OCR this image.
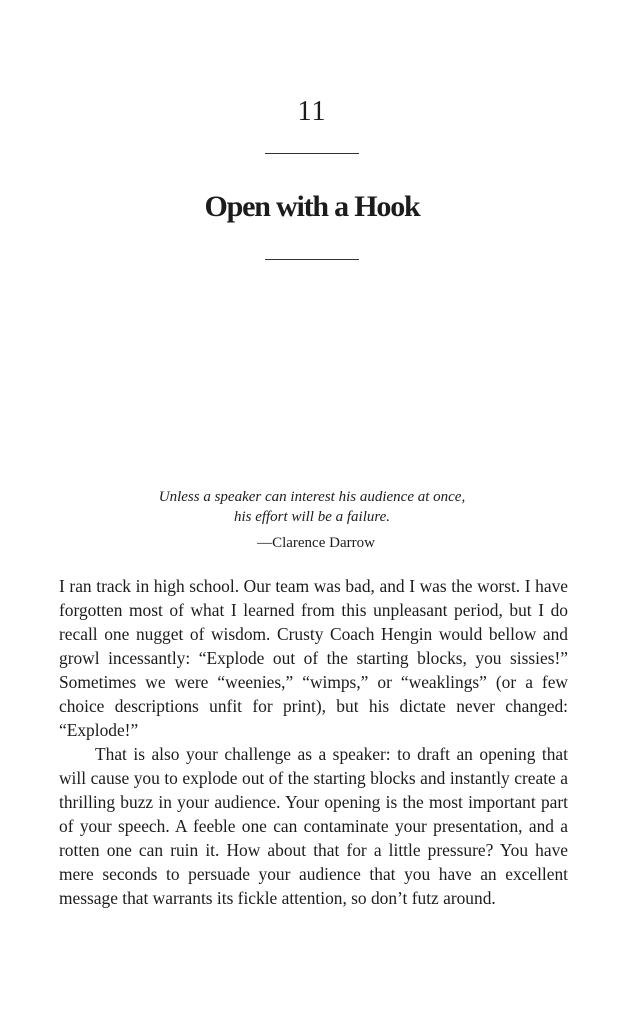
11
Open with a Hook
Unless a speaker can interest his audience at once,
his effort will be a failure.
—Clarence Darrow

I ran track in high school. Our team was bad, and I was the worst. I have forgotten most of what I learned from this unpleasant period, but I do recall one nugget of wisdom. Crusty Coach Hengin would bellow and growl incessantly: “Explode out of the starting blocks, you sissies!” Sometimes we were “weenies,” “wimps,” or “weaklings” (or a few choice descriptions unfit for print), but his dictate never changed: “Explode!”

That is also your challenge as a speaker: to draft an opening that will cause you to explode out of the starting blocks and instantly create a thrilling buzz in your audience. Your opening is the most important part of your speech. A feeble one can contaminate your presentation, and a rotten one can ruin it. How about that for a little pressure? You have mere seconds to persuade your audience that you have an excellent message that warrants its fickle attention, so don’t futz around.
